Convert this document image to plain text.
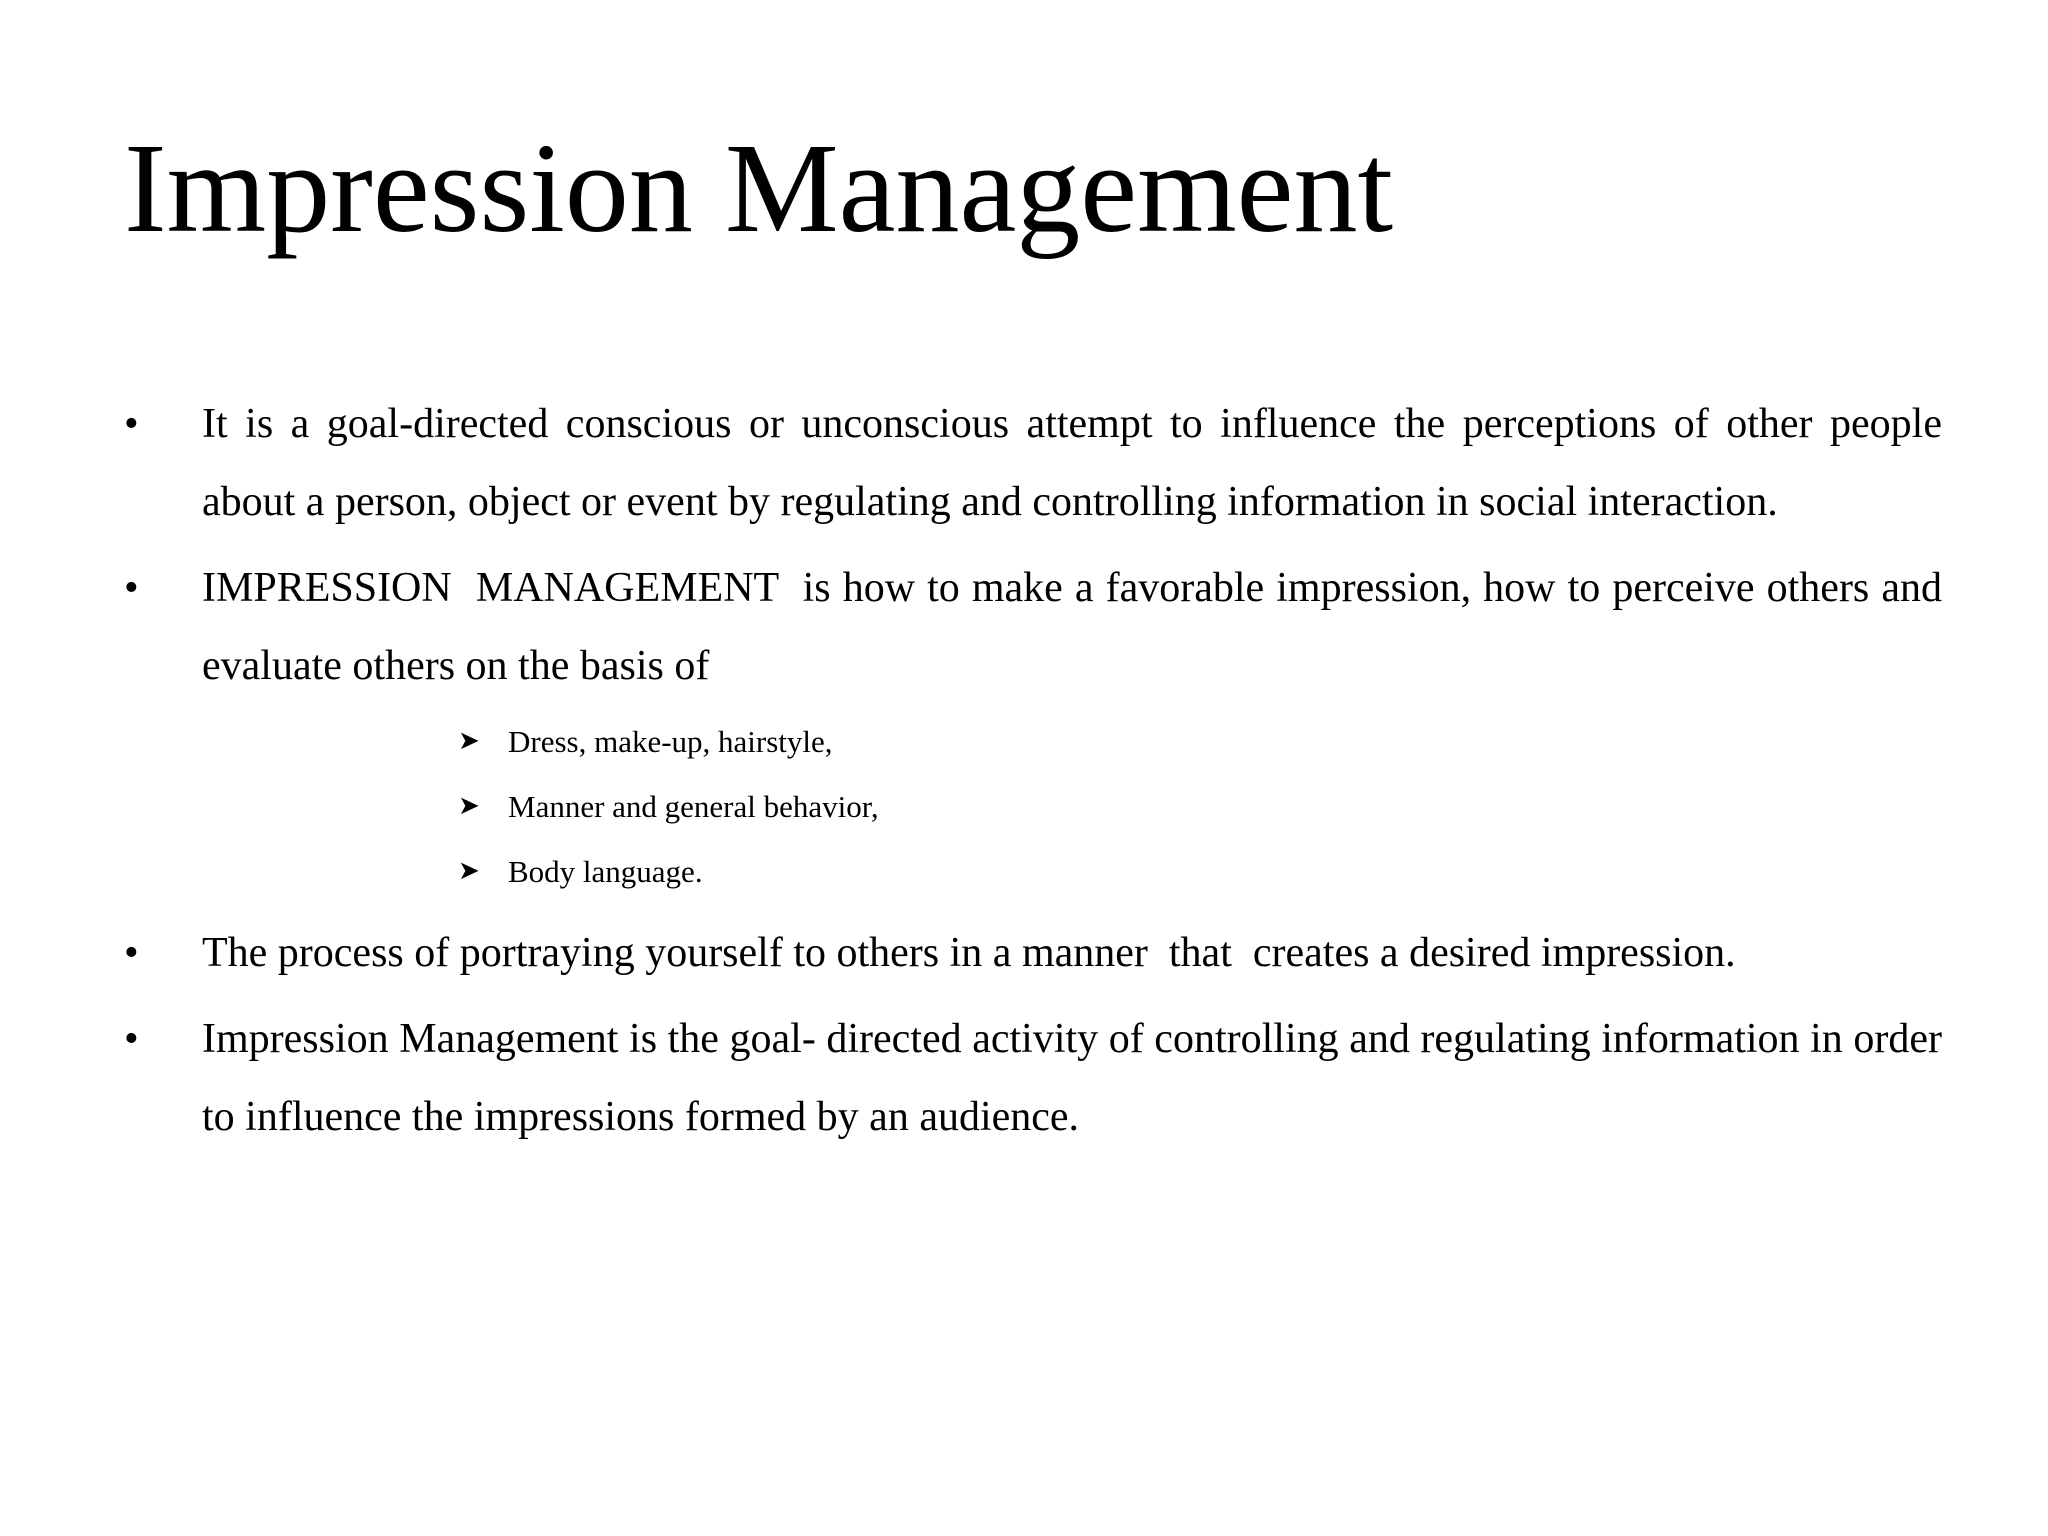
Impression Management
•	It is a goal-directed conscious or unconscious attempt to influence the perceptions of other people about a person, object or event by regulating and controlling information in social interaction.
•	IMPRESSION  MANAGEMENT  is how to make a favorable impression, how to perceive others and evaluate others on the basis of
➤ Dress, make-up, hairstyle,
➤ Manner and general behavior,
➤ Body language.
•	The process of portraying yourself to others in a manner  that  creates a desired impression.
•	Impression Management is the goal- directed activity of controlling and regulating information in order to influence the impressions formed by an audience.
